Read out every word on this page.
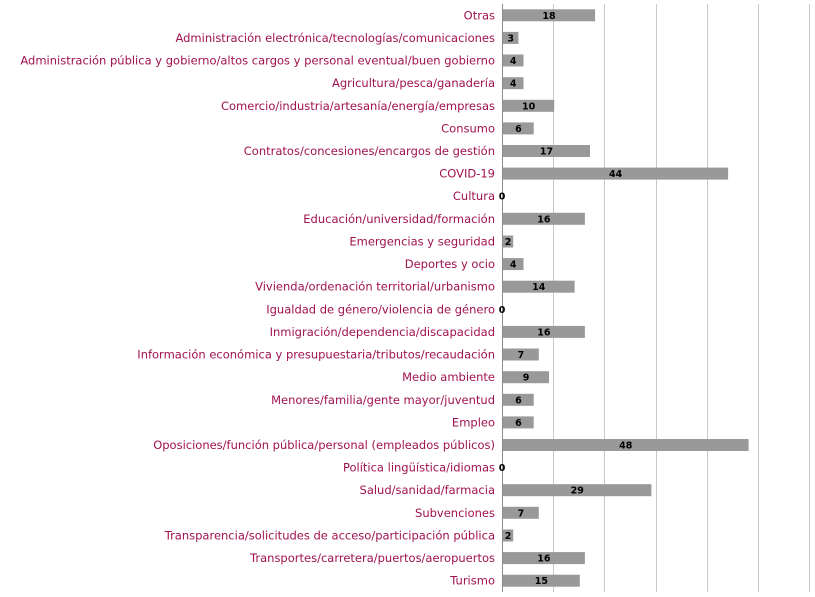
Otras
Administración electrónica/tecnologías/comunicaciones
Administración pública y gobierno/altos cargos y personal eventual/buen gobierno
Agricultura/pesca/ganadería
Comercio/industria/artesanía/energía/empresas
Consumo
Contratos/concesiones/encargos de gestión
COVID-19
Cultura
Educación/universidad/formación
Emergencias y seguridad
Deportes y ocio
Vivienda/ordenación territorial/urbanismo
Igualdad de género/violencia de género
Inmigración/dependencia/discapacidad
Información económica y presupuestaria/tributos/recaudación
Medio ambiente
Menores/familia/gente mayor/juventud
Empleo
Oposiciones/función pública/personal (empleados públicos)
Política lingüística/idiomas
Salud/sanidad/farmacia
Subvenciones
Transparencia/solicitudes de acceso/participación pública
Transportes/carretera/puertos/aeropuertos
Turismo
18
3
4
4
10
6
17
44
0
16
2
4
14
0
16
7
9
6
6
48
0
29
7
2
16
15
